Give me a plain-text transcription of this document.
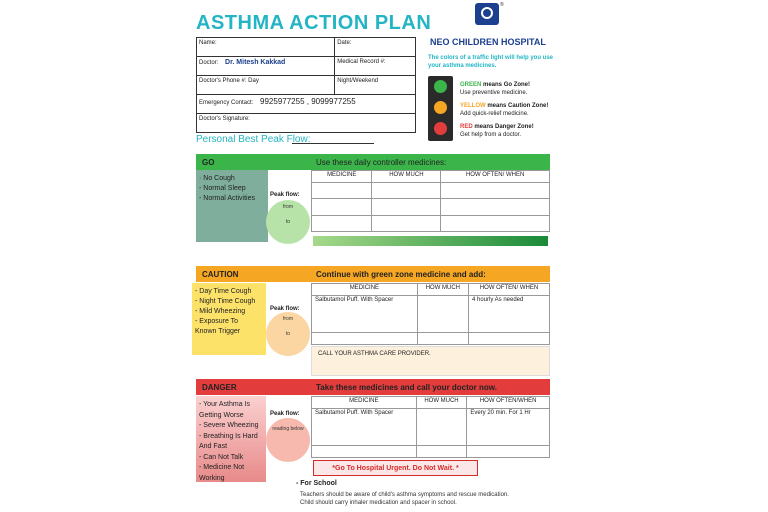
ASTHMA ACTION PLAN
Name:	Date:
Doctor: Dr. Mitesh Kakkad	Medical Record #:
Doctor's Phone #: Day	Night/Weekend
Emergency Contact: 9925977255 , 9099977255	
Doctor's Signature:	
®
NEO CHILDREN HOSPITAL
The colors of a traffic light will help you use your asthma medicines.
GREEN means Go Zone!
Use preventive medicine.
YELLOW means Caution Zone!
Add quick-relief medicine.
RED means Danger Zone!
Get help from a doctor.
Personal Best Peak Flow:
GO	Use these daily controller medicines:
· No Cough
- Normal Sleep
- Normal Activities	Peak flow:
from
to
MEDICINE	HOW MUCH	HOW OFTEN/ WHEN

CAUTION	Continue with green zone medicine and add:
- Day Time Cough
- Night Time Cough
- Mild Wheezing
- Exposure To
Known Trigger
Peak flow:
from
to
MEDICINE	HOW MUCH	HOW OFTEN/ WHEN
Salbutamol Puff. With Spacer		4 hourly As needed

CALL YOUR ASTHMA CARE PROVIDER.
DANGER	Take these medicines and call your doctor now.
- Your Asthma Is
Getting Worse
- Severe Wheezing
- Breathing Is Hard
And Fast
- Can Not Talk
- Medicine Not
Working
Peak flow:
reading below
MEDICINE	HOW MUCH	HOW OFTEN/WHEN
Salbutamol Puff. With Spacer		Every 20 min. For 1 Hr

*Go To Hospital Urgent. Do Not Wait. *
- For School
Teachers should be aware of child's asthma symptoms and rescue medication.
Child should carry inhaler medication and spacer in school.
